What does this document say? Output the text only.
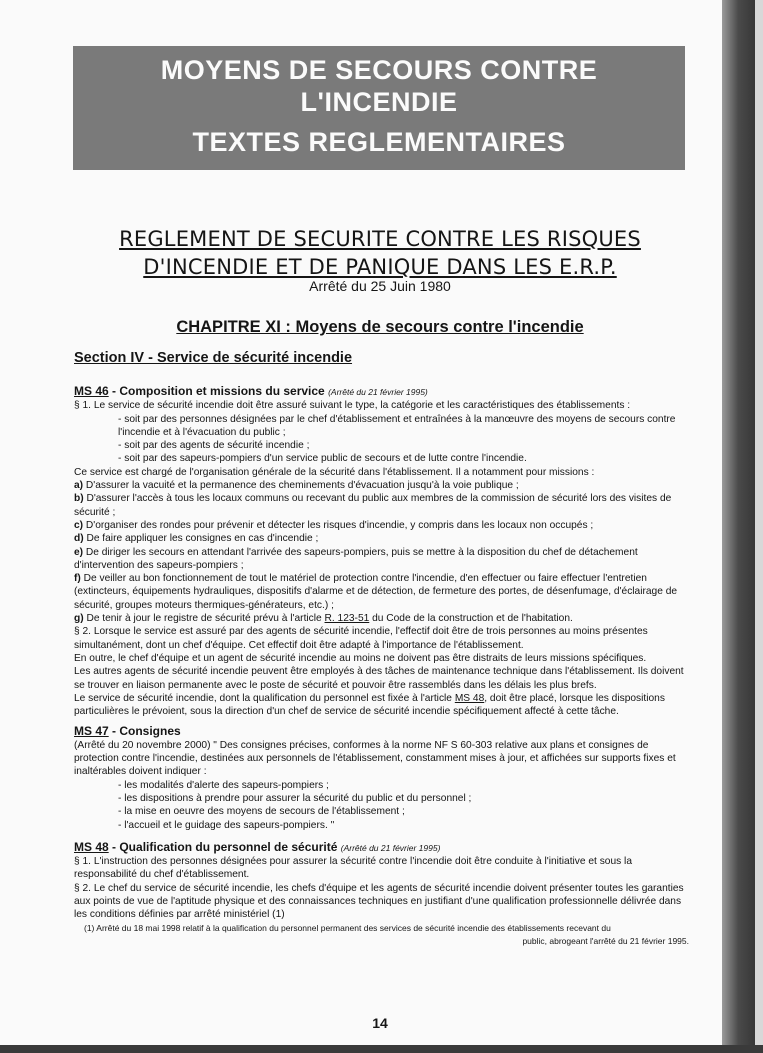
MOYENS DE SECOURS CONTRE
L'INCENDIE
TEXTES REGLEMENTAIRES
REGLEMENT DE SECURITE CONTRE LES RISQUES
D'INCENDIE ET DE PANIQUE DANS LES E.R.P.
Arrêté du 25 Juin 1980
CHAPITRE XI : Moyens de secours contre l'incendie
Section IV - Service de sécurité incendie

MS 46 - Composition et missions du service (Arrêté du 21 février 1995)

§ 1. Le service de sécurité incendie doit être assuré suivant le type, la catégorie et les caractéristiques des établissements :

- soit par des personnes désignées par le chef d'établissement et entraînées à la manœuvre des moyens de secours contre l'incendie et à l'évacuation du public ;

- soit par des agents de sécurité incendie ;

- soit par des sapeurs-pompiers d'un service public de secours et de lutte contre l'incendie.

Ce service est chargé de l'organisation générale de la sécurité dans l'établissement. Il a notamment pour missions :

a) D'assurer la vacuité et la permanence des cheminements d'évacuation jusqu'à la voie publique ;

b) D'assurer l'accès à tous les locaux communs ou recevant du public aux membres de la commission de sécurité lors des visites de sécurité ;

c) D'organiser des rondes pour prévenir et détecter les risques d'incendie, y compris dans les locaux non occupés ;

d) De faire appliquer les consignes en cas d'incendie ;

e) De diriger les secours en attendant l'arrivée des sapeurs-pompiers, puis se mettre à la disposition du chef de détachement d'intervention des sapeurs-pompiers ;

f) De veiller au bon fonctionnement de tout le matériel de protection contre l'incendie, d'en effectuer ou faire effectuer l'entretien (extincteurs, équipements hydrauliques, dispositifs d'alarme et de détection, de fermeture des portes, de désenfumage, d'éclairage de sécurité, groupes moteurs thermiques-générateurs, etc.) ;

g) De tenir à jour le registre de sécurité prévu à l'article R. 123-51 du Code de la construction et de l'habitation.

§ 2. Lorsque le service est assuré par des agents de sécurité incendie, l'effectif doit être de trois personnes au moins présentes simultanément, dont un chef d'équipe. Cet effectif doit être adapté à l'importance de l'établissement.

En outre, le chef d'équipe et un agent de sécurité incendie au moins ne doivent pas être distraits de leurs missions spécifiques.

Les autres agents de sécurité incendie peuvent être employés à des tâches de maintenance technique dans l'établissement. Ils doivent se trouver en liaison permanente avec le poste de sécurité et pouvoir être rassemblés dans les délais les plus brefs.

Le service de sécurité incendie, dont la qualification du personnel est fixée à l'article MS 48, doit être placé, lorsque les dispositions particulières le prévoient, sous la direction d'un chef de service de sécurité incendie spécifiquement affecté à cette tâche.

MS 47 - Consignes

(Arrêté du 20 novembre 2000) " Des consignes précises, conformes à la norme NF S 60-303 relative aux plans et consignes de protection contre l'incendie, destinées aux personnels de l'établissement, constamment mises à jour, et affichées sur supports fixes et inaltérables doivent indiquer :

- les modalités d'alerte des sapeurs-pompiers ;

- les dispositions à prendre pour assurer la sécurité du public et du personnel ;

- la mise en oeuvre des moyens de secours de l'établissement ;

- l'accueil et le guidage des sapeurs-pompiers. "

MS 48 - Qualification du personnel de sécurité (Arrêté du 21 février 1995)

§ 1. L'instruction des personnes désignées pour assurer la sécurité contre l'incendie doit être conduite à l'initiative et sous la responsabilité du chef d'établissement.

§ 2. Le chef du service de sécurité incendie, les chefs d'équipe et les agents de sécurité incendie doivent présenter toutes les garanties aux points de vue de l'aptitude physique et des connaissances techniques en justifiant d'une qualification professionnelle délivrée dans les conditions définies par arrêté ministériel (1)

(1) Arrêté du 18 mai 1998 relatif à la qualification du personnel permanent des services de sécurité incendie des établissements recevant du

public, abrogeant l'arrêté du 21 février 1995.

14
